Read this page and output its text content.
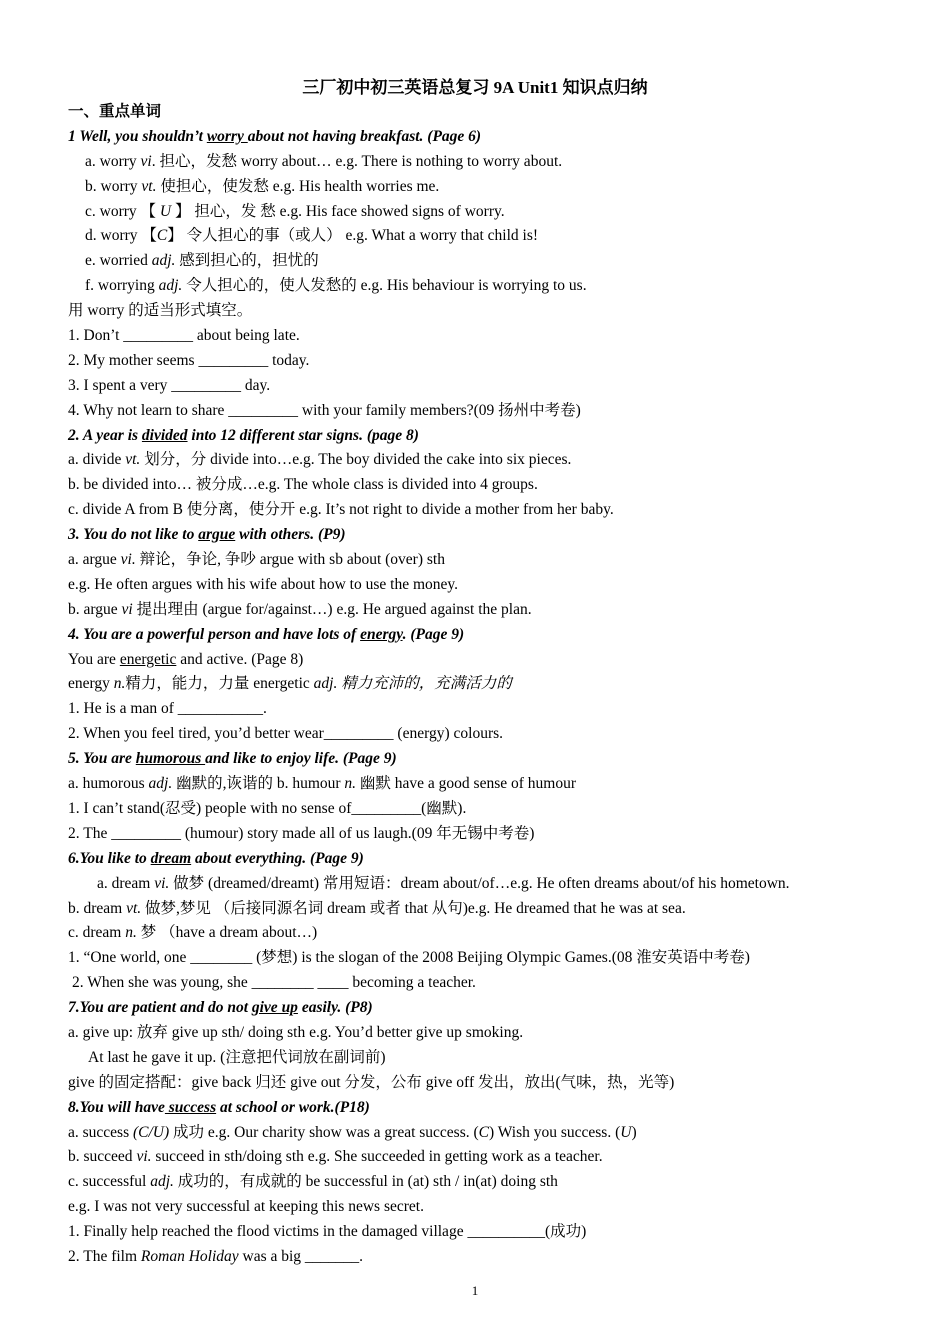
三厂初中初三英语总复习 9A Unit1 知识点归纳
一、重点单词
1 Well, you shouldn’t worry about not having breakfast. (Page 6)
a. worry vi. 担心，发愁 worry about… e.g. There is nothing to worry about.
b. worry vt. 使担心，使发愁 e.g. His health worries me.
c. worry 【 U 】 担心，发 愁 e.g. His face showed signs of worry.
d. worry 【C】 令人担心的事（或人） e.g. What a worry that child is!
e. worried adj. 感到担心的，担忧的
f. worrying adj. 令人担心的，使人发愁的 e.g. His behaviour is worrying to us.
用 worry 的适当形式填空。
1. Don’t _________ about being late.
2. My mother seems _________ today.
3. I spent a very _________ day.
4. Why not learn to share _________ with your family members?(09 扬州中考卷)
2. A year is divided into 12 different star signs. (page 8)
a. divide vt. 划分，分 divide into…e.g. The boy divided the cake into six pieces.
b. be divided into… 被分成…e.g. The whole class is divided into 4 groups.
c. divide A from B 使分离，使分开 e.g. It’s not right to divide a mother from her baby.
3. You do not like to argue with others. (P9)
a. argue vi. 辩论，争论, 争吵 argue with sb about (over) sth
e.g. He often argues with his wife about how to use the money.
b. argue vi 提出理由 (argue for/against…) e.g. He argued against the plan.
4. You are a powerful person and have lots of energy. (Page 9)
You are energetic and active. (Page 8)
energy n.精力，能力，力量 energetic adj. 精力充沛的，充满活力的
1. He is a man of ___________.
2. When you feel tired, you’d better wear_________ (energy) colours.
5. You are humorous and like to enjoy life. (Page 9)
a. humorous adj. 幽默的,诙谐的 b. humour n. 幽默 have a good sense of humour
1. I can’t stand(忍受) people with no sense of_________(幽默).
2. The _________ (humour) story made all of us laugh.(09 年无锡中考卷)
6.You like to dream about everything. (Page 9)
a. dream vi. 做梦 (dreamed/dreamt) 常用短语：dream about/of…e.g. He often dreams about/of his hometown.
b. dream vt. 做梦,梦见 （后接同源名词 dream 或者 that 从句)e.g. He dreamed that he was at sea.
c. dream n. 梦 （have a dream about…)
1. “One world, one ________ (梦想) is the slogan of the 2008 Beijing Olympic Games.(08 淮安英语中考卷)
2. When she was young, she ________ ____ becoming a teacher.
7.You are patient and do not give up easily. (P8)
a. give up: 放弃 give up sth/ doing sth e.g. You’d better give up smoking.
At last he gave it up. (注意把代词放在副词前)
give 的固定搭配：give back 归还 give out 分发，公布 give off 发出，放出(气味，热，光等)
8.You will have success at school or work.(P18)
a. success (C/U) 成功 e.g. Our charity show was a great success. (C) Wish you success. (U)
b. succeed vi. succeed in sth/doing sth e.g. She succeeded in getting work as a teacher.
c. successful adj. 成功的，有成就的 be successful in (at) sth / in(at) doing sth
e.g. I was not very successful at keeping this news secret.
1. Finally help reached the flood victims in the damaged village __________(成功)
2. The film Roman Holiday was a big _______.
1
